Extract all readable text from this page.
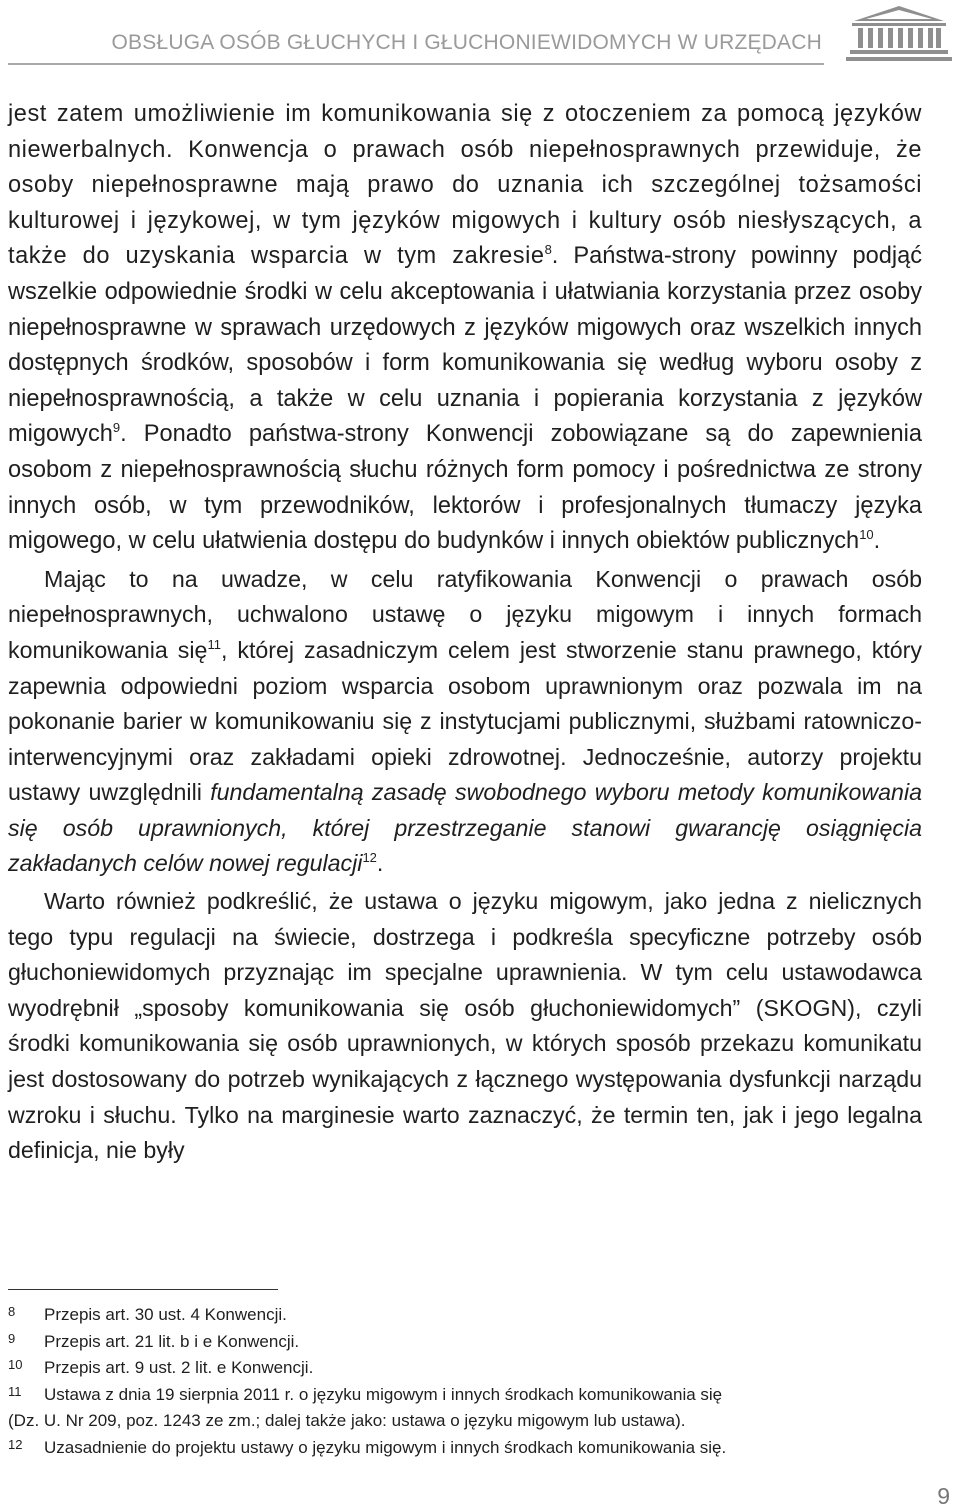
OBSŁUGA OSÓB GŁUCHYCH I GŁUCHONIEWIDOMYCH W URZĘDACH

jest zatem umożliwienie im komunikowania się z otoczeniem za pomocą języków niewerbalnych. Konwencja o prawach osób niepełnosprawnych przewiduje, że osoby niepełnosprawne mają prawo do uznania ich szczególnej tożsamości kulturowej i językowej, w tym języków migowych i kultury osób niesłyszących, a także do uzyskania wsparcia w tym zakresie$^8$. Państwa-strony powinny podjąć wszelkie odpowiednie środki w celu akceptowania i ułatwiania korzystania przez osoby niepełnosprawne w sprawach urzędowych z języków migowych oraz wszelkich innych dostępnych środków, sposobów i form komunikowania się według wyboru osoby z niepełnosprawnością, a także w celu uznania i popierania korzystania z języków migowych$^9$. Ponadto państwa-strony Konwencji zobowiązane są do zapewnienia osobom z niepełnosprawnością słuchu różnych form pomocy i pośrednictwa ze strony innych osób, w tym przewodników, lektorów i profesjonalnych tłumaczy języka migowego, w celu ułatwienia dostępu do budynków i innych obiektów publicznych$^{10}$.

Mając to na uwadze, w celu ratyfikowania Konwencji o prawach osób niepełnosprawnych, uchwalono ustawę o języku migowym i innych formach komunikowania się$^{11}$, której zasadniczym celem jest stworzenie stanu prawnego, który zapewnia odpowiedni poziom wsparcia osobom uprawnionym oraz pozwala im na pokonanie barier w komunikowaniu się z instytucjami publicznymi, służbami ratowniczo-interwencyjnymi oraz zakładami opieki zdrowotnej. Jednocześnie, autorzy projektu ustawy uwzględnili fundamentalną zasadę swobodnego wyboru metody komunikowania się osób uprawnionych, której przestrzeganie stanowi gwarancję osiągnięcia zakładanych celów nowej regulacji$^{12}$.

Warto również podkreślić, że ustawa o języku migowym, jako jedna z nielicznych tego typu regulacji na świecie, dostrzega i podkreśla specyficzne potrzeby osób głuchoniewidomych przyznając im specjalne uprawnienia. W tym celu ustawodawca wyodrębnił „sposoby komunikowania się osób głuchoniewidomych” (SKOGN), czyli środki komunikowania się osób uprawnionych, w których sposób przekazu komunikatu jest dostosowany do potrzeb wynikających z łącznego występowania dysfunkcji narządu wzroku i słuchu. Tylko na marginesie warto zaznaczyć, że termin ten, jak i jego legalna definicja, nie były

8 Przepis art. 30 ust. 4 Konwencji.
9 Przepis art. 21 lit. b i e Konwencji.
10 Przepis art. 9 ust. 2 lit. e Konwencji.
11 Ustawa z dnia 19 sierpnia 2011 r. o języku migowym i innych środkach komunikowania się
(Dz. U. Nr 209, poz. 1243 ze zm.; dalej także jako: ustawa o języku migowym lub ustawa).
12 Uzasadnienie do projektu ustawy o języku migowym i innych środkach komunikowania się.
9
